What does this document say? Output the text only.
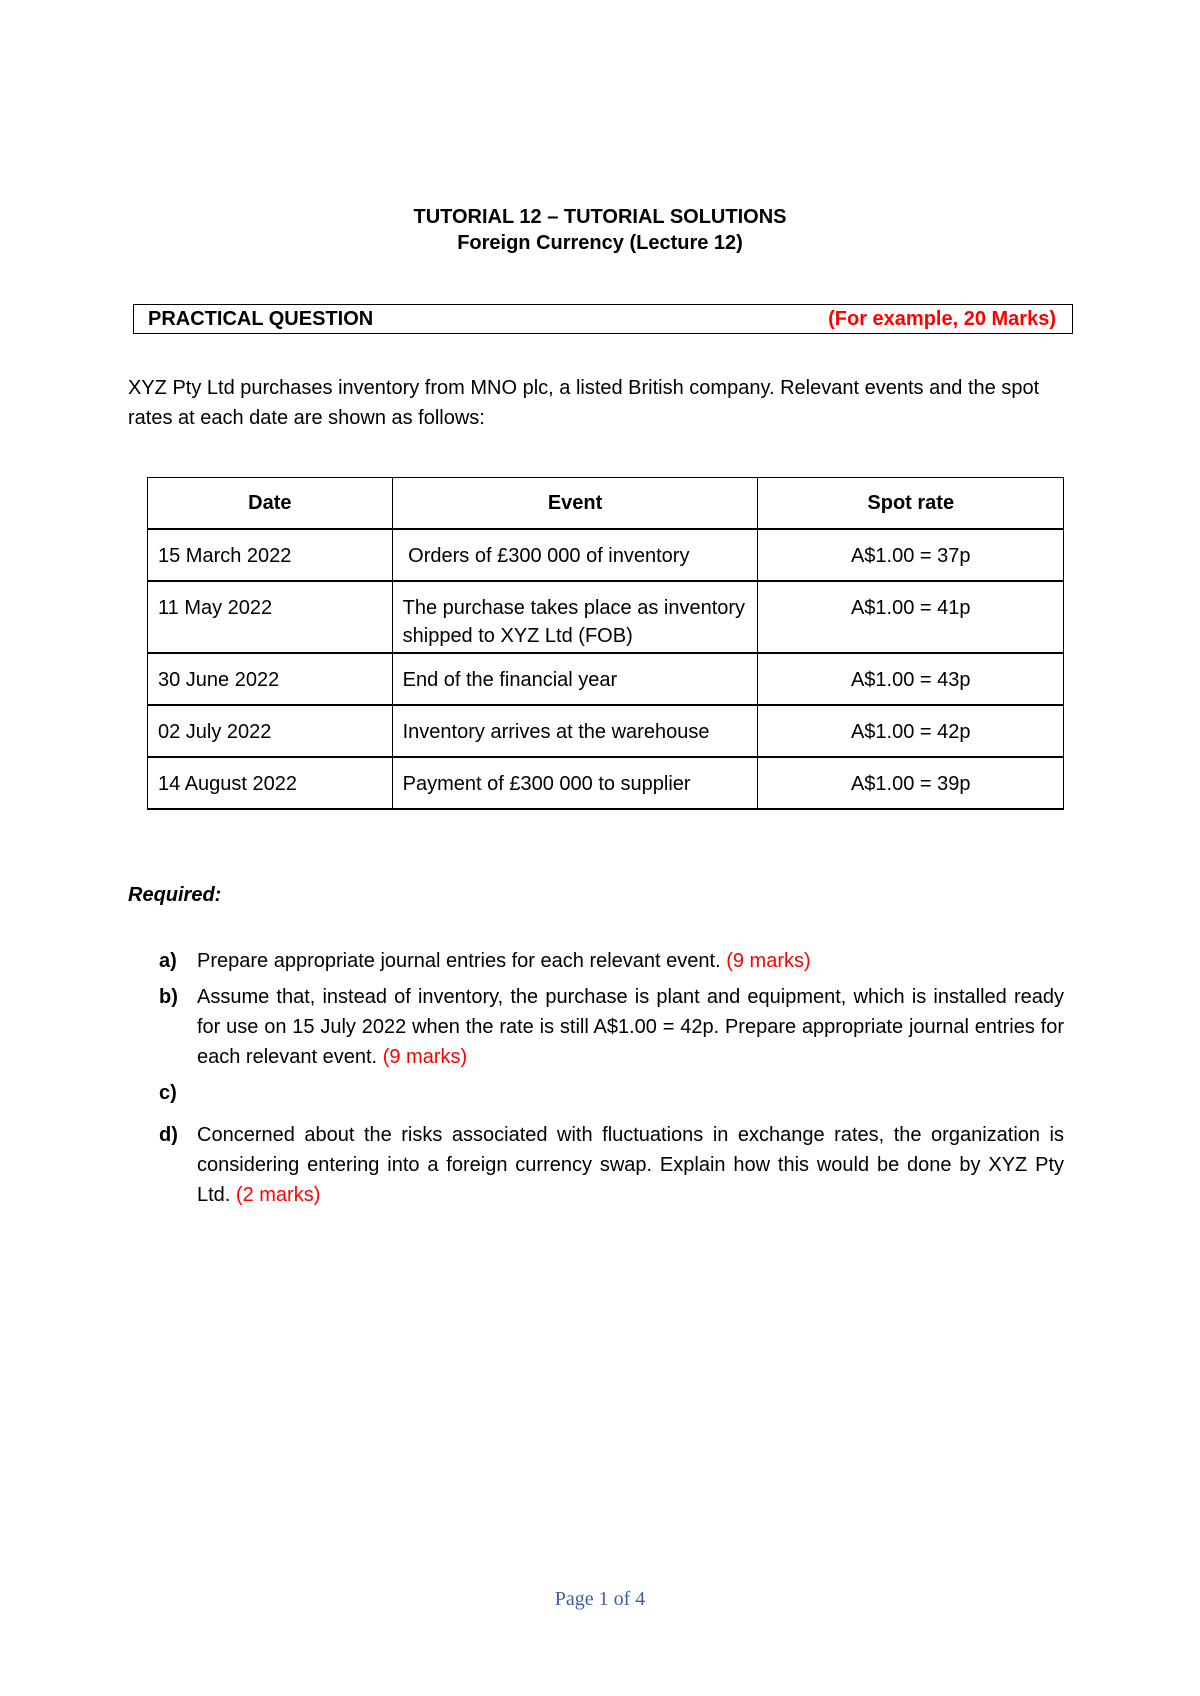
TUTORIAL 12 – TUTORIAL SOLUTIONS
Foreign Currency (Lecture 12)
PRACTICAL QUESTION	(For example, 20 Marks)
XYZ Pty Ltd purchases inventory from MNO plc, a listed British company. Relevant events and the spot rates at each date are shown as follows:
Date	Event	Spot rate
15 March 2022	Orders of £300 000 of inventory	A$1.00 = 37p
11 May 2022	The purchase takes place as inventory shipped to XYZ Ltd (FOB)	A$1.00 = 41p
30 June 2022	End of the financial year	A$1.00 = 43p
02 July 2022	Inventory arrives at the warehouse	A$1.00 = 42p
14 August 2022	Payment of £300 000 to supplier	A$1.00 = 39p
Required:
a)	Prepare appropriate journal entries for each relevant event. (9 marks)
b) Assume that, instead of inventory, the purchase is plant and equipment, which is installed ready for use on 15 July 2022 when the rate is still A$1.00 = 42p. Prepare appropriate journal entries for each relevant event. (9 marks)
c)
d) Concerned about the risks associated with fluctuations in exchange rates, the organization is considering entering into a foreign currency swap. Explain how this would be done by XYZ Pty Ltd. (2 marks)
Page 1 of 4
